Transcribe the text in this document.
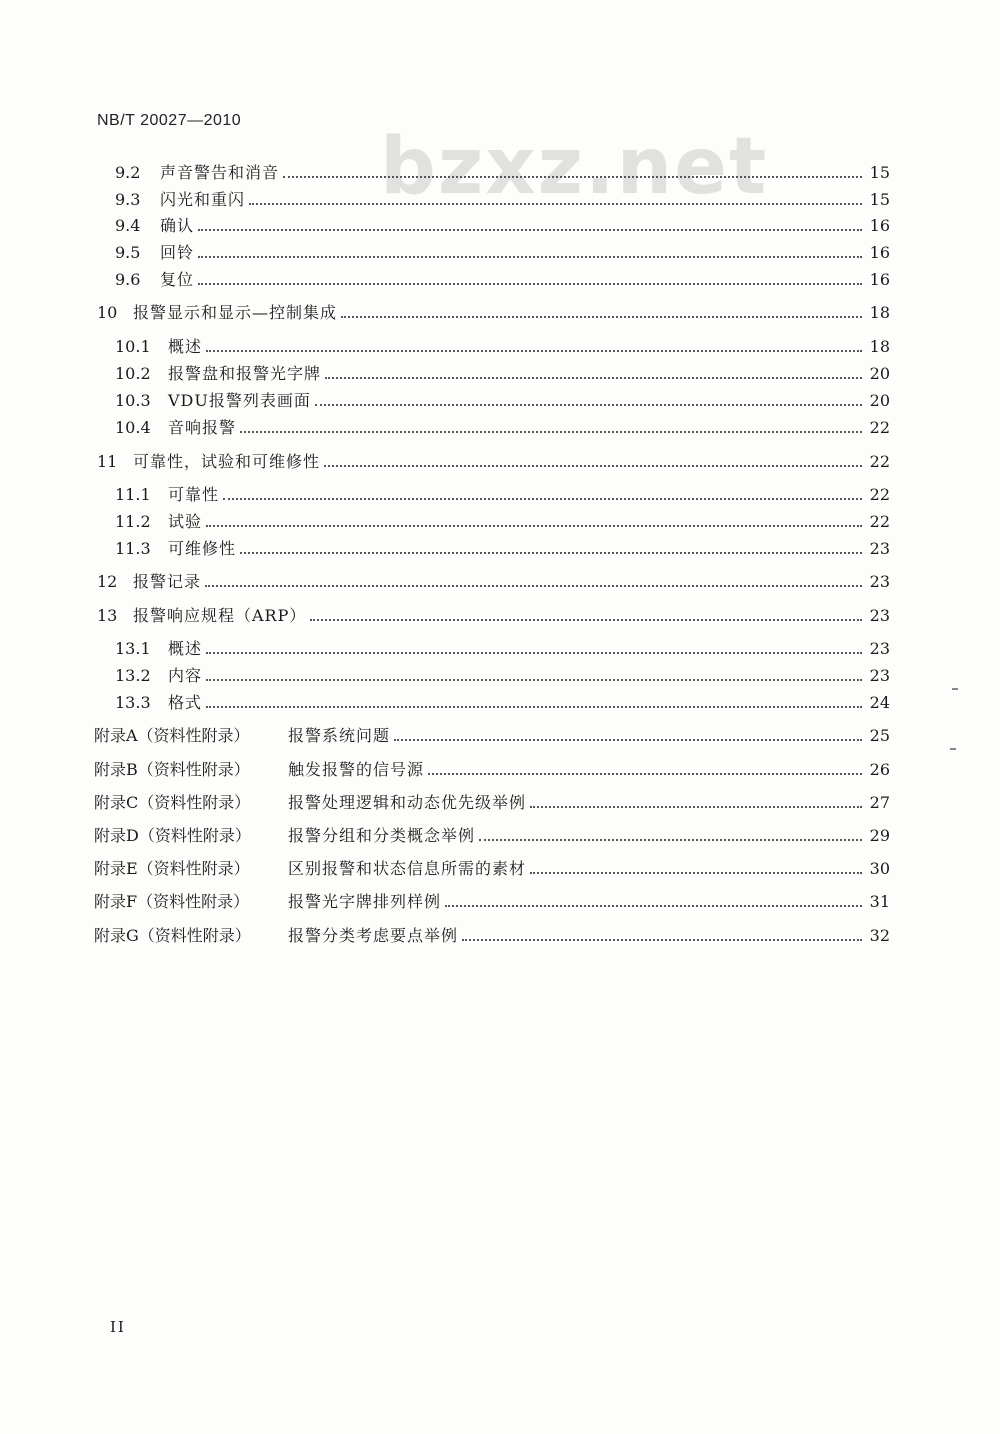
NB/T 20027—2010
bzxz.net
9.2 声音警告和消音	15
9.3 闪光和重闪	15
9.4 确认	16
9.5 回铃	16
9.6 复位	16
10 报警显示和显示—控制集成	18
10.1 概述	18
10.2 报警盘和报警光字牌	20
10.3 VDU报警列表画面	20
10.4 音响报警	22
11 可靠性，试验和可维修性	22
11.1 可靠性	22
11.2 试验	22
11.3 可维修性	23
12 报警记录	23
13 报警响应规程（ARP）	23
13.1 概述	23
13.2 内容	23
13.3 格式	24
附录A（资料性附录） 报警系统问题	25
附录B（资料性附录） 触发报警的信号源	26
附录C（资料性附录） 报警处理逻辑和动态优先级举例	27
附录D（资料性附录） 报警分组和分类概念举例	29
附录E（资料性附录） 区别报警和状态信息所需的素材	30
附录F（资料性附录） 报警光字牌排列样例	31
附录G（资料性附录） 报警分类考虑要点举例	32
II
